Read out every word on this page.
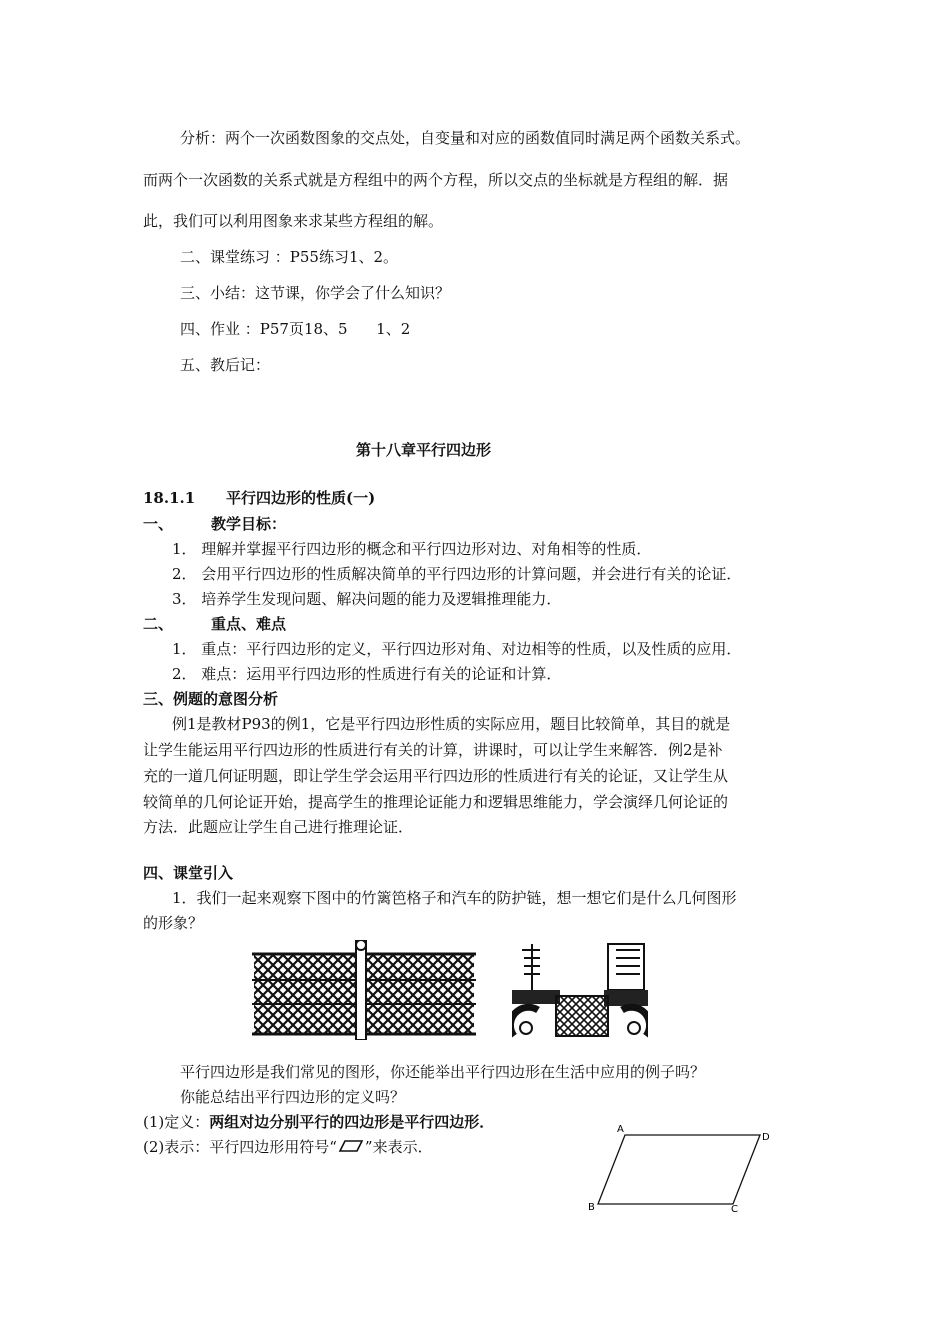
分析：两个一次函数图象的交点处，自变量和对应的函数值同时满足两个函数关系式。
而两个一次函数的关系式就是方程组中的两个方程，所以交点的坐标就是方程组的解．据
此，我们可以利用图象来求某些方程组的解。
二、课堂练习 ：P55练习1、2。
三、小结：这节课，你学会了什么知识？
四、作业 ：P57页18、5      1、2
五、教后记：
第十八章平行四边形
18.1.1 平行四边形的性质(一)
一、	教学目标：
1． 理解并掌握平行四边形的概念和平行四边形对边、对角相等的性质．
2． 会用平行四边形的性质解决简单的平行四边形的计算问题，并会进行有关的论证．
3． 培养学生发现问题、解决问题的能力及逻辑推理能力．
二、	重点、难点
1． 重点：平行四边形的定义，平行四边形对角、对边相等的性质，以及性质的应用．
2． 难点：运用平行四边形的性质进行有关的论证和计算．
三、例题的意图分析
例1是教材P93的例1，它是平行四边形性质的实际应用，题目比较简单，其目的就是
让学生能运用平行四边形的性质进行有关的计算，讲课时，可以让学生来解答．例2是补
充的一道几何证明题，即让学生学会运用平行四边形的性质进行有关的论证，又让学生从
较简单的几何论证开始，提高学生的推理论证能力和逻辑思维能力，学会演绎几何论证的
方法．此题应让学生自己进行推理论证．
四、课堂引入
1．我们一起来观察下图中的竹篱笆格子和汽车的防护链，想一想它们是什么几何图形
的形象？
平行四边形是我们常见的图形，你还能举出平行四边形在生活中应用的例子吗？
你能总结出平行四边形的定义吗？
(1)定义：两组对边分别平行的四边形是平行四边形．
(2)表示：平行四边形用符号“ ”来表示．
A
D
B	C
